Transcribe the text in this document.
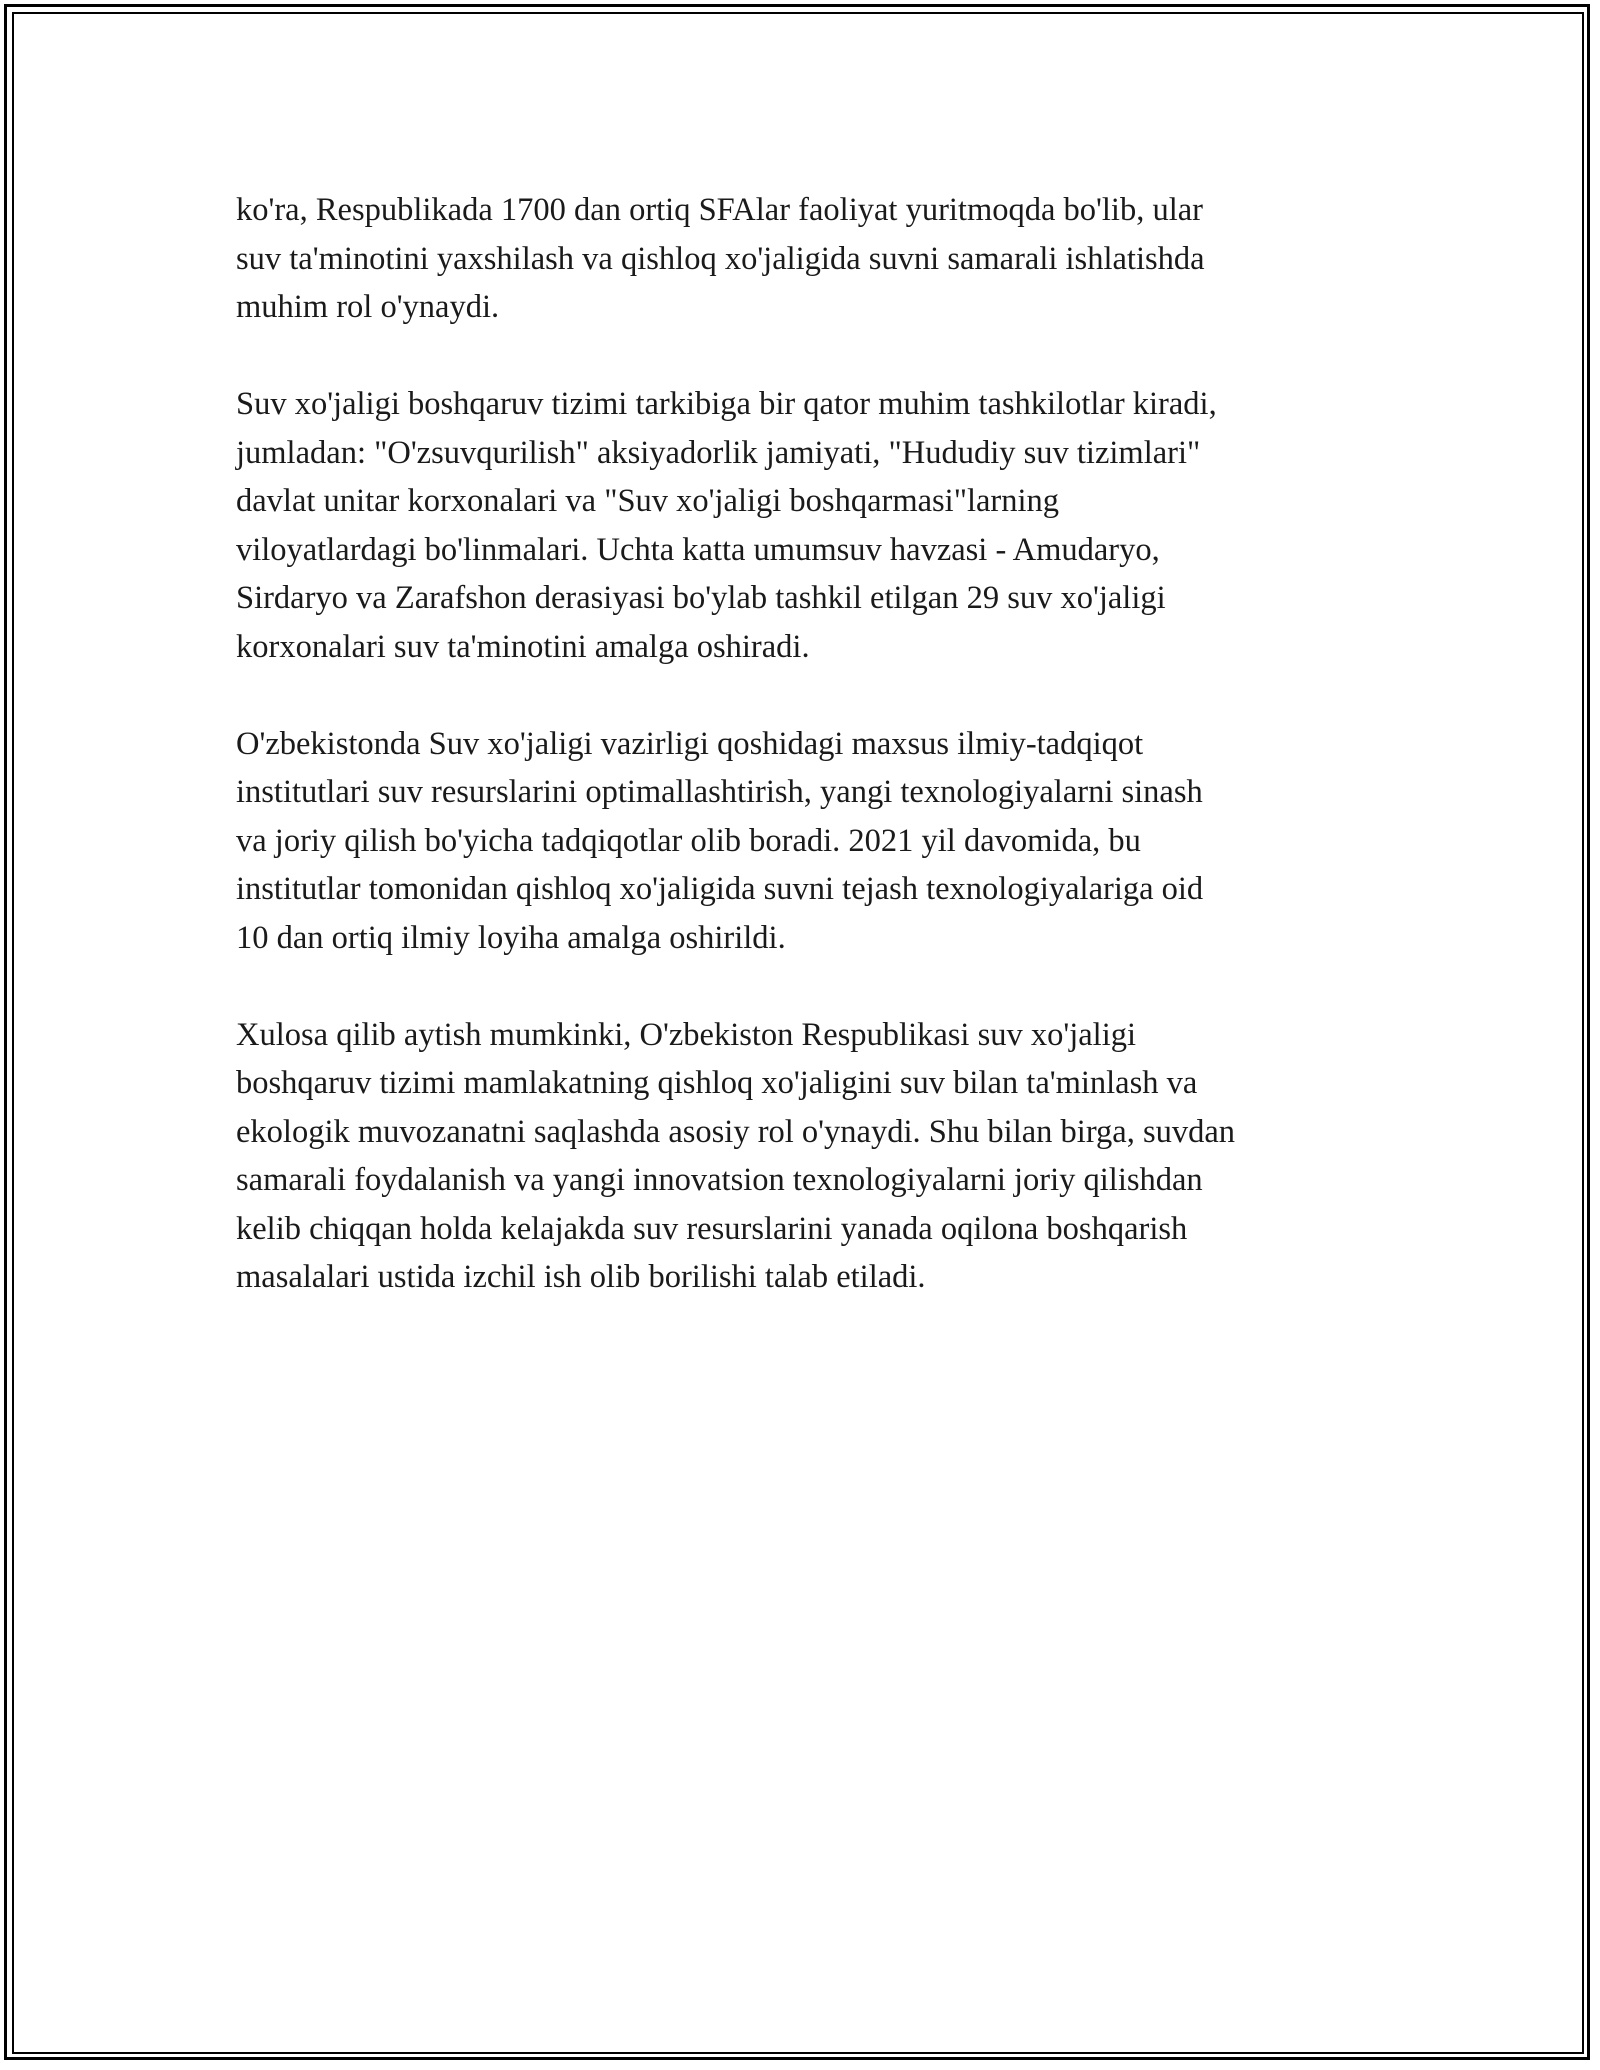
ko'ra, Respublikada 1700 dan ortiq SFAlar faoliyat yuritmoqda bo'lib, ular
suv ta'minotini yaxshilash va qishloq xo'jaligida suvni samarali ishlatishda
muhim rol o'ynaydi.

Suv xo'jaligi boshqaruv tizimi tarkibiga bir qator muhim tashkilotlar kiradi,
jumladan: "O'zsuvqurilish" aksiyadorlik jamiyati, "Hududiy suv tizimlari"
davlat unitar korxonalari va "Suv xo'jaligi boshqarmasi"larning
viloyatlardagi bo'linmalari. Uchta katta umumsuv havzasi - Amudaryo,
Sirdaryo va Zarafshon derasiyasi bo'ylab tashkil etilgan 29 suv xo'jaligi
korxonalari suv ta'minotini amalga oshiradi.

O'zbekistonda Suv xo'jaligi vazirligi qoshidagi maxsus ilmiy-tadqiqot
institutlari suv resurslarini optimallashtirish, yangi texnologiyalarni sinash
va joriy qilish bo'yicha tadqiqotlar olib boradi. 2021 yil davomida, bu
institutlar tomonidan qishloq xo'jaligida suvni tejash texnologiyalariga oid
10 dan ortiq ilmiy loyiha amalga oshirildi.

Xulosa qilib aytish mumkinki, O'zbekiston Respublikasi suv xo'jaligi
boshqaruv tizimi mamlakatning qishloq xo'jaligini suv bilan ta'minlash va
ekologik muvozanatni saqlashda asosiy rol o'ynaydi. Shu bilan birga, suvdan
samarali foydalanish va yangi innovatsion texnologiyalarni joriy qilishdan
kelib chiqqan holda kelajakda suv resurslarini yanada oqilona boshqarish
masalalari ustida izchil ish olib borilishi talab etiladi.
